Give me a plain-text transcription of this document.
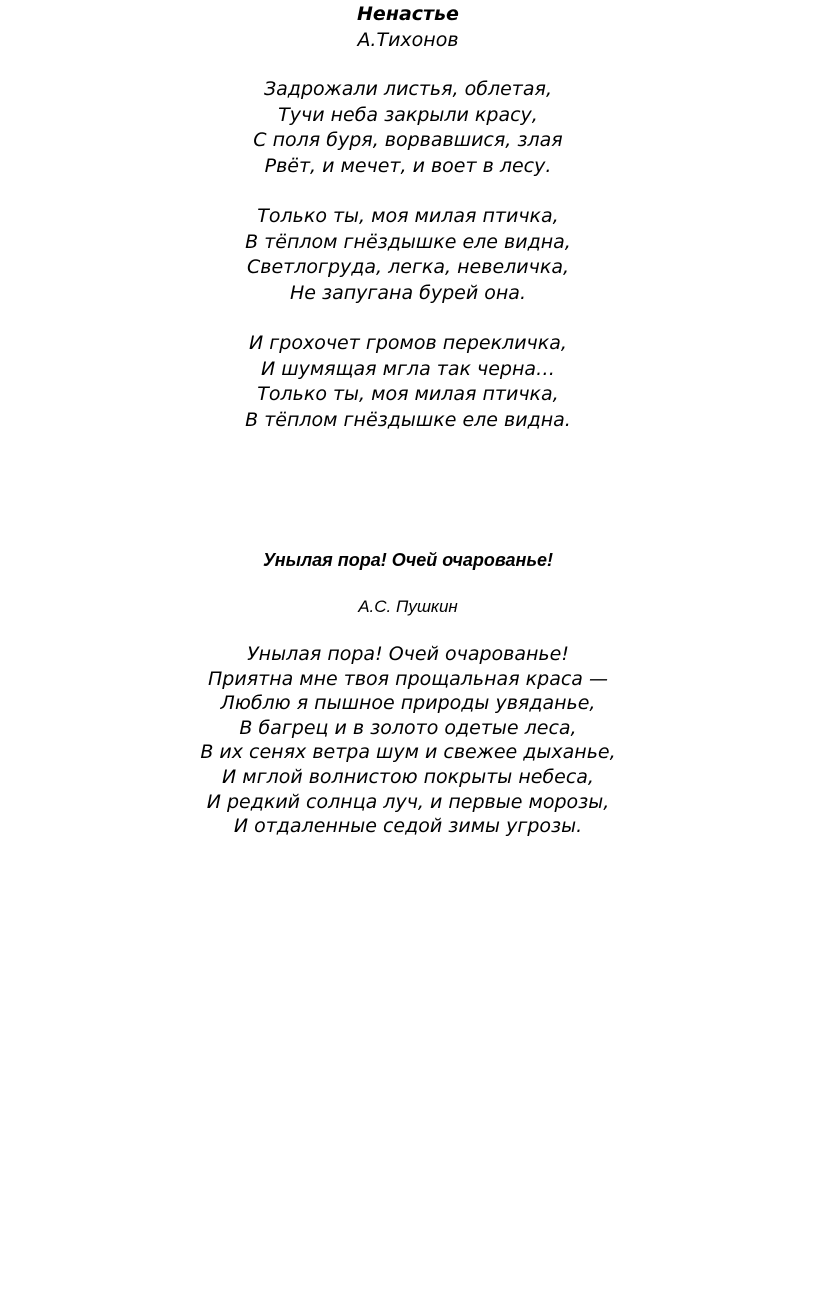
Ненастье
А.Тихонов
Задрожали листья, облетая,
Тучи неба закрыли красу,
С поля буря, ворвавшися, злая
Рвёт, и мечет, и воет в лесу.
Только ты, моя милая птичка,
В тёплом гнёздышке еле видна,
Светлогруда, легка, невеличка,
Не запугана бурей она.
И грохочет громов перекличка,
И шумящая мгла так черна…
Только ты, моя милая птичка,
В тёплом гнёздышке еле видна.
Унылая пора! Очей очарованье!
А.С. Пушкин
Унылая пора! Очей очарованье!
Приятна мне твоя прощальная краса —
Люблю я пышное природы увяданье,
В багрец и в золото одетые леса,
В их сенях ветра шум и свежее дыханье,
И мглой волнистою покрыты небеса,
И редкий солнца луч, и первые морозы,
И отдаленные седой зимы угрозы.
